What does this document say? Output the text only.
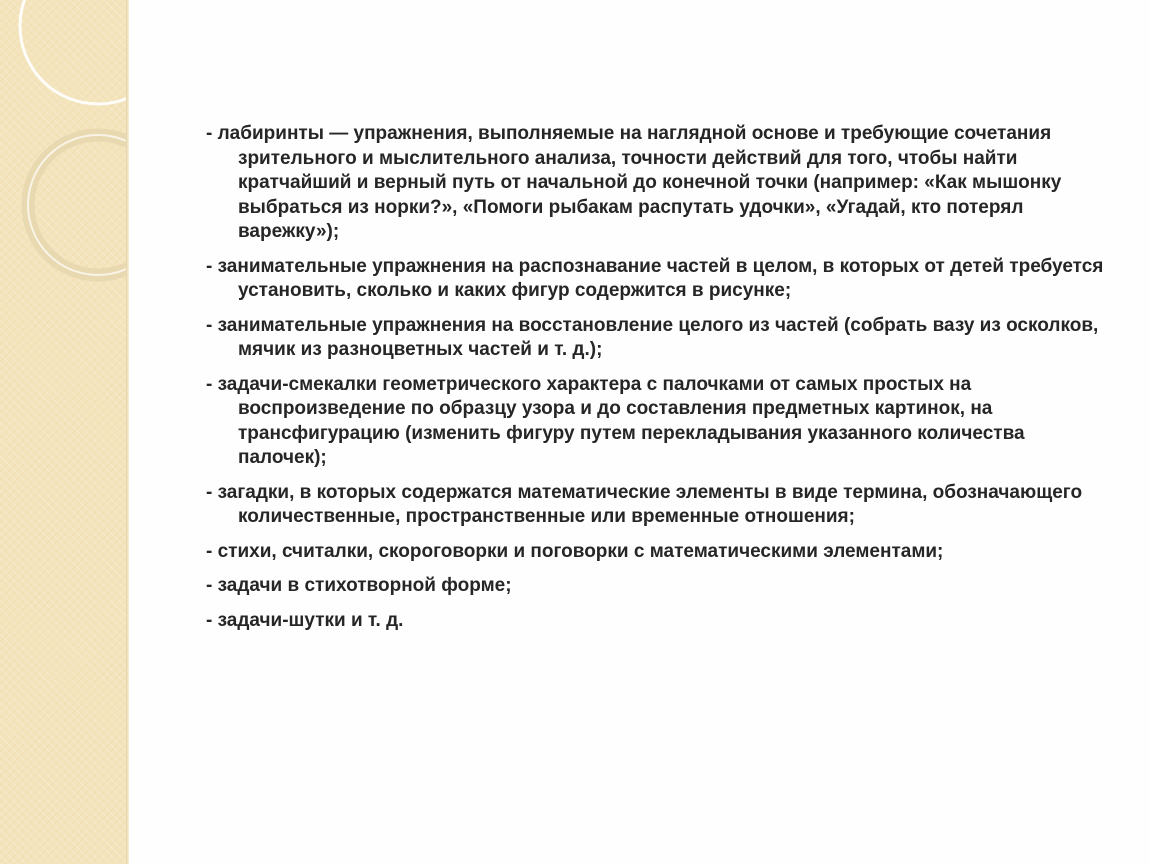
- лабиринты — упражнения, выполняемые на наглядной основе и требующие сочетания зрительного и мыслительного анализа, точности действий для того, чтобы найти кратчайший и верный путь от начальной до конечной точки (например: «Как мышонку выбраться из норки?», «Помоги рыбакам распутать удочки», «Угадай, кто потерял варежку»);

- занимательные упражнения на распознавание частей в целом, в которых от детей требуется установить, сколько и каких фигур содержится в рисунке;

- занимательные упражнения на восстановление целого из частей (собрать вазу из осколков, мячик из разноцветных частей и т. д.);

- задачи-смекалки геометрического характера с палочками от самых простых на воспроизведение по образцу узора и до составления предметных картинок, на трансфигурацию (изменить фигуру путем перекладывания указанного количества палочек);

- загадки, в которых содержатся математические элементы в виде термина, обозначающего количественные, пространственные или временные отношения;

- стихи, считалки, скороговорки и поговорки с математическими элементами;

- задачи в стихотворной форме;

- задачи-шутки и т. д.
